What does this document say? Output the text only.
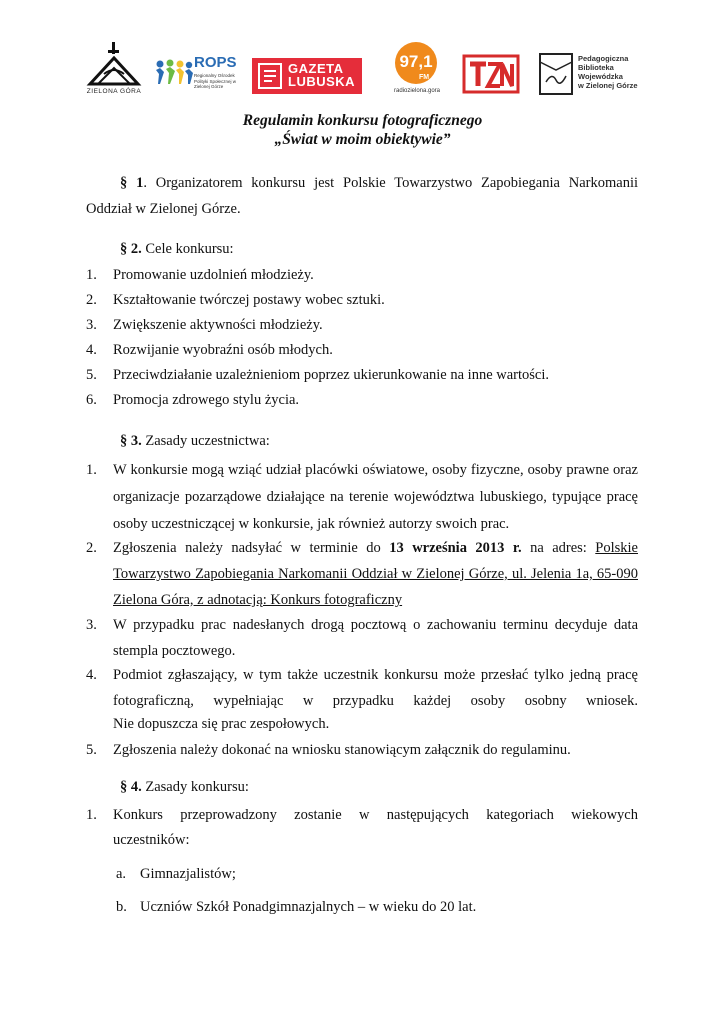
ZIELONA GÓRA
ROPS
Regionalny Ośrodek Polityki Społecznej w Zielonej Górze
GAZETA
LUBUSKA
97,1
FM
radiozielona.gora
Pedagogiczna
Biblioteka
Wojewódzka
w Zielonej Górze
Regulamin konkursu fotograficznego
„Świat w moim obiektywie”
§ 1. Organizatorem konkursu jest Polskie Towarzystwo Zapobiegania Narkomanii
Oddział w Zielonej Górze.
§ 2. Cele konkursu:
1. Promowanie uzdolnień młodzieży.
2. Kształtowanie twórczej postawy wobec sztuki.
3. Zwiększenie aktywności młodzieży.
4. Rozwijanie wyobraźni osób młodych.
5. Przeciwdziałanie uzależnieniom poprzez ukierunkowanie na inne wartości.
6. Promocja zdrowego stylu życia.
§ 3. Zasady uczestnictwa:
1. W konkursie mogą wziąć udział placówki oświatowe, osoby fizyczne, osoby prawne oraz
organizacje pozarządowe działające na terenie województwa lubuskiego, typujące pracę
osoby uczestniczącej w konkursie, jak również autorzy swoich prac.
2. Zgłoszenia należy nadsyłać w terminie do 13 września 2013 r. na adres: Polskie
Towarzystwo Zapobiegania Narkomanii Oddział w Zielonej Górze, ul. Jelenia 1a, 65-090
Zielona Góra, z adnotacją: Konkurs fotograficzny
3. W przypadku prac nadesłanych drogą pocztową o zachowaniu terminu decyduje data
stempla pocztowego.
4. Podmiot zgłaszający, w tym także uczestnik konkursu może przesłać tylko jedną pracę
fotograficzną, wypełniając w przypadku każdej osoby osobny wniosek.
Nie dopuszcza się prac zespołowych.
5. Zgłoszenia należy dokonać na wniosku stanowiącym załącznik do regulaminu.
§ 4. Zasady konkursu:
1. Konkurs przeprowadzony zostanie w następujących kategoriach wiekowych
uczestników:
a. Gimnazjalistów;
b. Uczniów Szkół Ponadgimnazjalnych – w wieku do 20 lat.
